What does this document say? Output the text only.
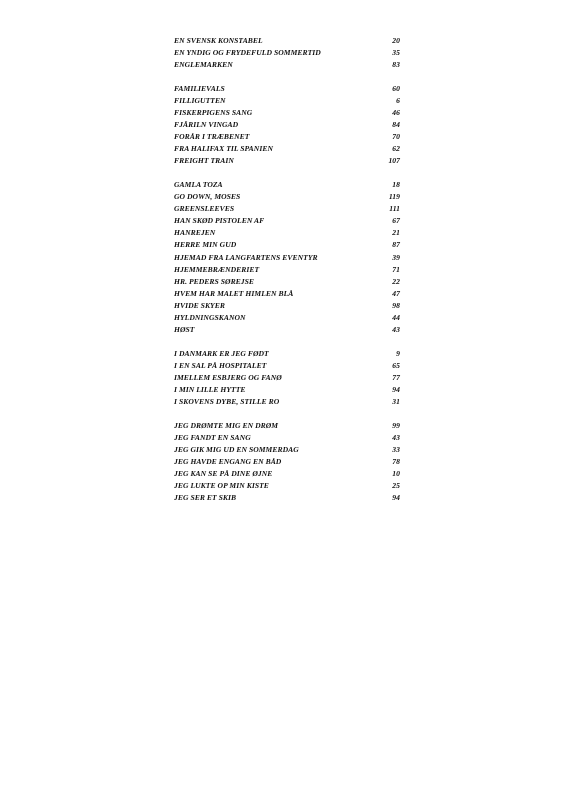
EN SVENSK KONSTABEL	20
EN YNDIG OG FRYDEFULD SOMMERTID	35
ENGLEMARKEN	83
FAMILIEVALS	60
FILLIGUTTEN	6
FISKERPIGENS SANG	46
FJÄRILN VINGAD	84
FORÅR I TRÆBENET	70
FRA HALIFAX TIL SPANIEN	62
FREIGHT TRAIN	107
GAMLA TOZA	18
GO DOWN, MOSES	119
GREENSLEEVES	111
HAN SKØD PISTOLEN AF	67
HANREJEN	21
HERRE MIN GUD	87
HJEMAD FRA LANGFARTENS EVENTYR	39
HJEMMEBRÆNDERIET	71
HR. PEDERS SØREJSE	22
HVEM HAR MALET HIMLEN BLÅ	47
HVIDE SKYER	98
HYLDNINGSKANON	44
HØST	43
I DANMARK ER JEG FØDT	9
I EN SAL PÅ HOSPITALET	65
IMELLEM ESBJERG OG FANØ	77
I MIN LILLE HYTTE	94
I SKOVENS DYBE, STILLE RO	31
JEG DRØMTE MIG EN DRØM	99
JEG FANDT EN SANG	43
JEG GIK MIG UD EN SOMMERDAG	33
JEG HAVDE ENGANG EN BÅD	78
JEG KAN SE PÅ DINE ØJNE	10
JEG LUKTE OP MIN KISTE	25
JEG SER ET SKIB	94
